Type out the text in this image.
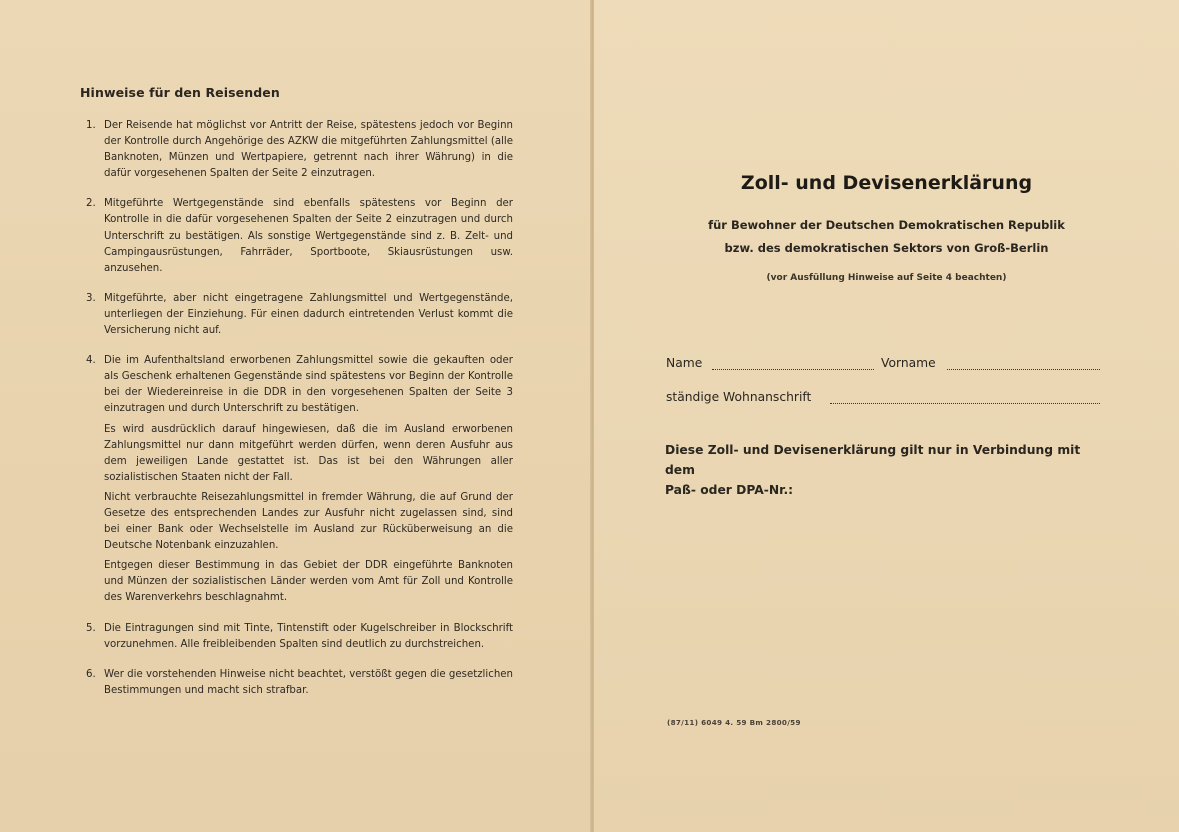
Hinweise für den Reisenden
1. Der Reisende hat möglichst vor Antritt der Reise, spätestens jedoch vor Beginn der Kontrolle durch Angehörige des AZKW die mitgeführten Zahlungsmittel (alle Banknoten, Münzen und Wertpapiere, getrennt nach ihrer Währung) in die dafür vorgesehenen Spalten der Seite 2 einzutragen.

2. Mitgeführte Wertgegenstände sind ebenfalls spätestens vor Beginn der Kontrolle in die dafür vorgesehenen Spalten der Seite 2 einzutragen und durch Unterschrift zu bestätigen. Als sonstige Wertgegenstände sind z. B. Zelt- und Campingausrüstungen, Fahrräder, Sportboote, Skiausrüstungen usw. anzusehen.

3. Mitgeführte, aber nicht eingetragene Zahlungsmittel und Wertgegenstände, unterliegen der Einziehung. Für einen dadurch eintretenden Verlust kommt die Versicherung nicht auf.

4. Die im Aufenthaltsland erworbenen Zahlungsmittel sowie die gekauften oder als Geschenk erhaltenen Gegenstände sind spätestens vor Beginn der Kontrolle bei der Wiedereinreise in die DDR in den vorgesehenen Spalten der Seite 3 einzutragen und durch Unterschrift zu bestätigen.

Es wird ausdrücklich darauf hingewiesen, daß die im Ausland erworbenen Zahlungsmittel nur dann mitgeführt werden dürfen, wenn deren Ausfuhr aus dem jeweiligen Lande gestattet ist. Das ist bei den Währungen aller sozialistischen Staaten nicht der Fall.

Nicht verbrauchte Reisezahlungsmittel in fremder Währung, die auf Grund der Gesetze des entsprechenden Landes zur Ausfuhr nicht zugelassen sind, sind bei einer Bank oder Wechselstelle im Ausland zur Rücküberweisung an die Deutsche Notenbank einzuzahlen.

Entgegen dieser Bestimmung in das Gebiet der DDR eingeführte Banknoten und Münzen der sozialistischen Länder werden vom Amt für Zoll und Kontrolle des Warenverkehrs beschlagnahmt.

5. Die Eintragungen sind mit Tinte, Tintenstift oder Kugelschreiber in Blockschrift vorzunehmen. Alle freibleibenden Spalten sind deutlich zu durchstreichen.

6. Wer die vorstehenden Hinweise nicht beachtet, verstößt gegen die gesetzlichen Bestimmungen und macht sich strafbar.

Zoll- und Devisenerklärung
für Bewohner der Deutschen Demokratischen Republik
bzw. des demokratischen Sektors von Groß-Berlin
(vor Ausfüllung Hinweise auf Seite 4 beachten)
Name	Vorname
ständige Wohnanschrift
Diese Zoll- und Devisenerklärung gilt nur in Verbindung mit dem
Paß- oder DPA-Nr.:
(87/11) 6049 4. 59 Bm 2800/59
